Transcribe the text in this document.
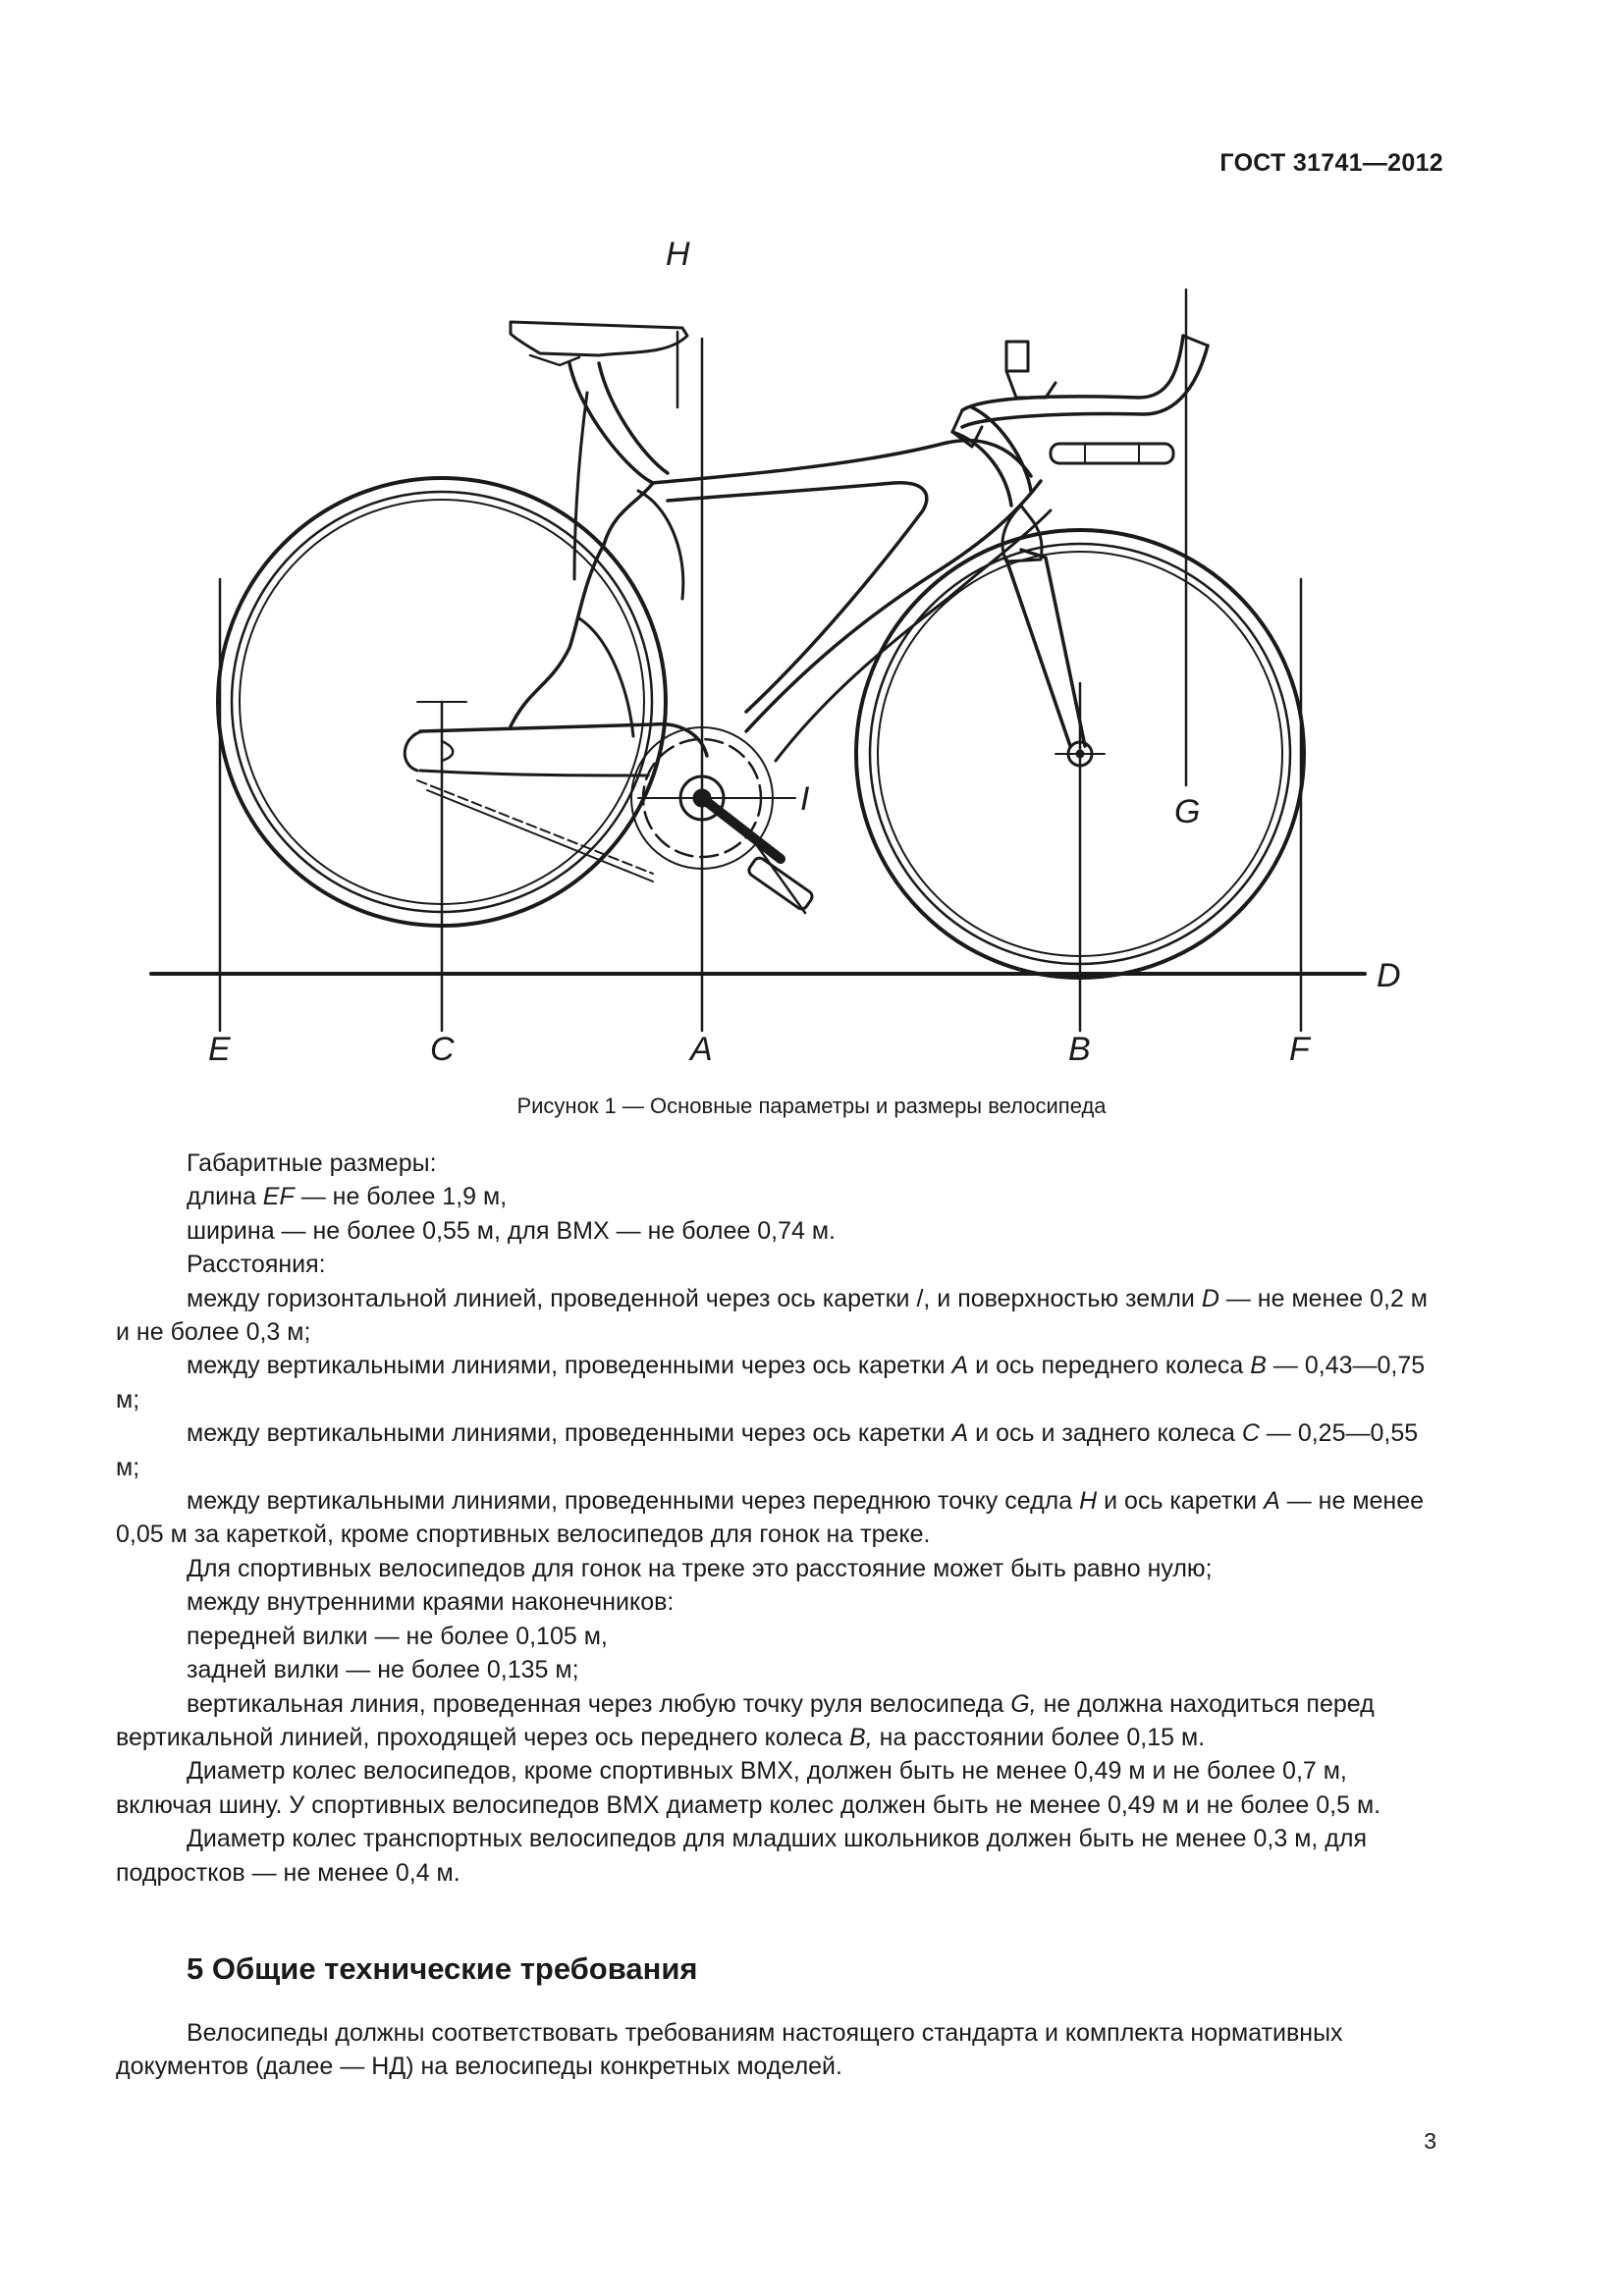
ГОСТ 31741—2012
H
G
E	C	A	B	F
D
I
Рисунок 1 — Основные параметры и размеры велосипеда

Габаритные размеры:

длина EF — не более 1,9 м,

ширина — не более 0,55 м, для BMX — не более 0,74 м.

Расстояния:

между горизонтальной линией, проведенной через ось каретки /, и поверхностью земли D — не менее 0,2 м и не более 0,3 м;

между вертикальными линиями, проведенными через ось каретки A и ось переднего колеса B — 0,43—0,75 м;

между вертикальными линиями, проведенными через ось каретки A и ось и заднего колеса C — 0,25—0,55 м;

между вертикальными линиями, проведенными через переднюю точку седла H и ось каретки A — не менее 0,05 м за кареткой, кроме спортивных велосипедов для гонок на треке.

Для спортивных велосипедов для гонок на треке это расстояние может быть равно нулю;

между внутренними краями наконечников:

передней вилки — не более 0,105 м,

задней вилки — не более 0,135 м;

вертикальная линия, проведенная через любую точку руля велосипеда G, не должна находиться перед вертикальной линией, проходящей через ось переднего колеса B, на расстоянии более 0,15 м.

Диаметр колес велосипедов, кроме спортивных BMX, должен быть не менее 0,49 м и не более 0,7 м, включая шину. У спортивных велосипедов BMX диаметр колес должен быть не менее 0,49 м и не более 0,5 м.

Диаметр колес транспортных велосипедов для младших школьников должен быть не менее 0,3 м, для подростков — не менее 0,4 м.

5 Общие технические требования

Велосипеды должны соответствовать требованиям настоящего стандарта и комплекта нормативных документов (далее — НД) на велосипеды конкретных моделей.

3
